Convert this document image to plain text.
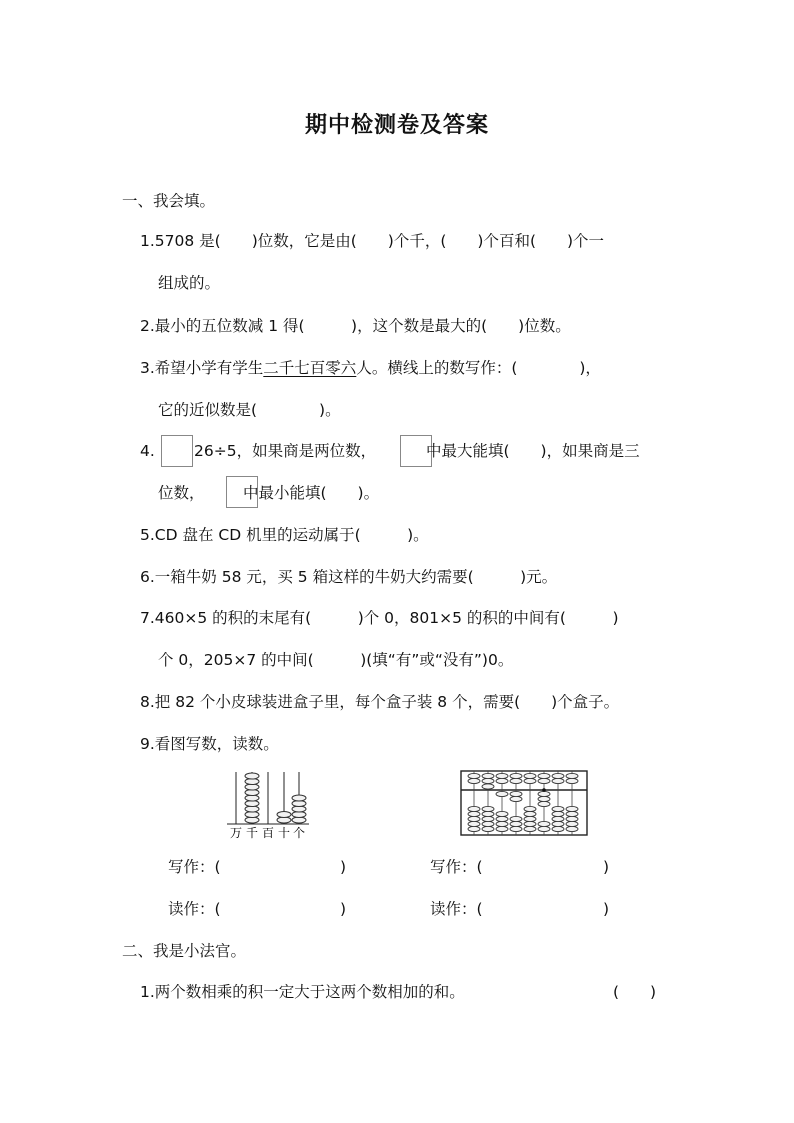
期中检测卷及答案
一、我会填。
1.5708 是(　　)位数，它是由(　　)个千，(　　)个百和(　　)个一
组成的。
2.最小的五位数减 1 得(　　　)，这个数是最大的(　　)位数。
3.希望小学有学生二千七百零六人。横线上的数写作：(　　　　)，
它的近似数是(　　　　)。
4.	26÷5，如果商是两位数，	中最大能填(　　)，如果商是三
位数， 中最小能填(　　)。
5.CD 盘在 CD 机里的运动属于(　　　)。
6.一箱牛奶 58 元，买 5 箱这样的牛奶大约需要(　　　)元。
7.460×5 的积的末尾有(　　　)个 0，801×5 的积的中间有(　　　)
个 0，205×7 的中间(　　　)(填“有”或“没有”)0。
8.把 82 个小皮球装进盒子里，每个盒子装 8 个，需要(　　)个盒子。
9.看图写数，读数。
万 千 百 十 个
写作：(	)	写作：(	)
读作：(	)	读作：(	)
二、我是小法官。
1.两个数相乘的积一定大于这两个数相加的和。	(　　)
